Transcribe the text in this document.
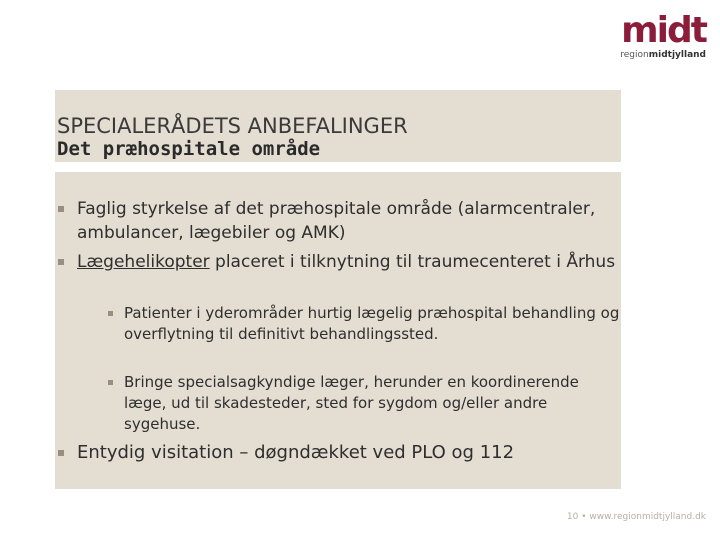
midt
regionmidtjylland
SPECIALERÅDETS ANBEFALINGER
Det præhospitale område
Faglig styrkelse af det præhospitale område (alarmcentraler, ambulancer, lægebiler og AMK)
Lægehelikopter placeret i tilknytning til traumecenteret i Århus
Patienter i yderområder hurtig lægelig præhospital behandling og overflytning til definitivt behandlingssted.
Bringe specialsagkyndige læger, herunder en koordinerende læge, ud til skadesteder, sted for sygdom og/eller andre sygehuse.
Entydig visitation – døgndækket ved PLO og 112
10 • www.regionmidtjylland.dk
